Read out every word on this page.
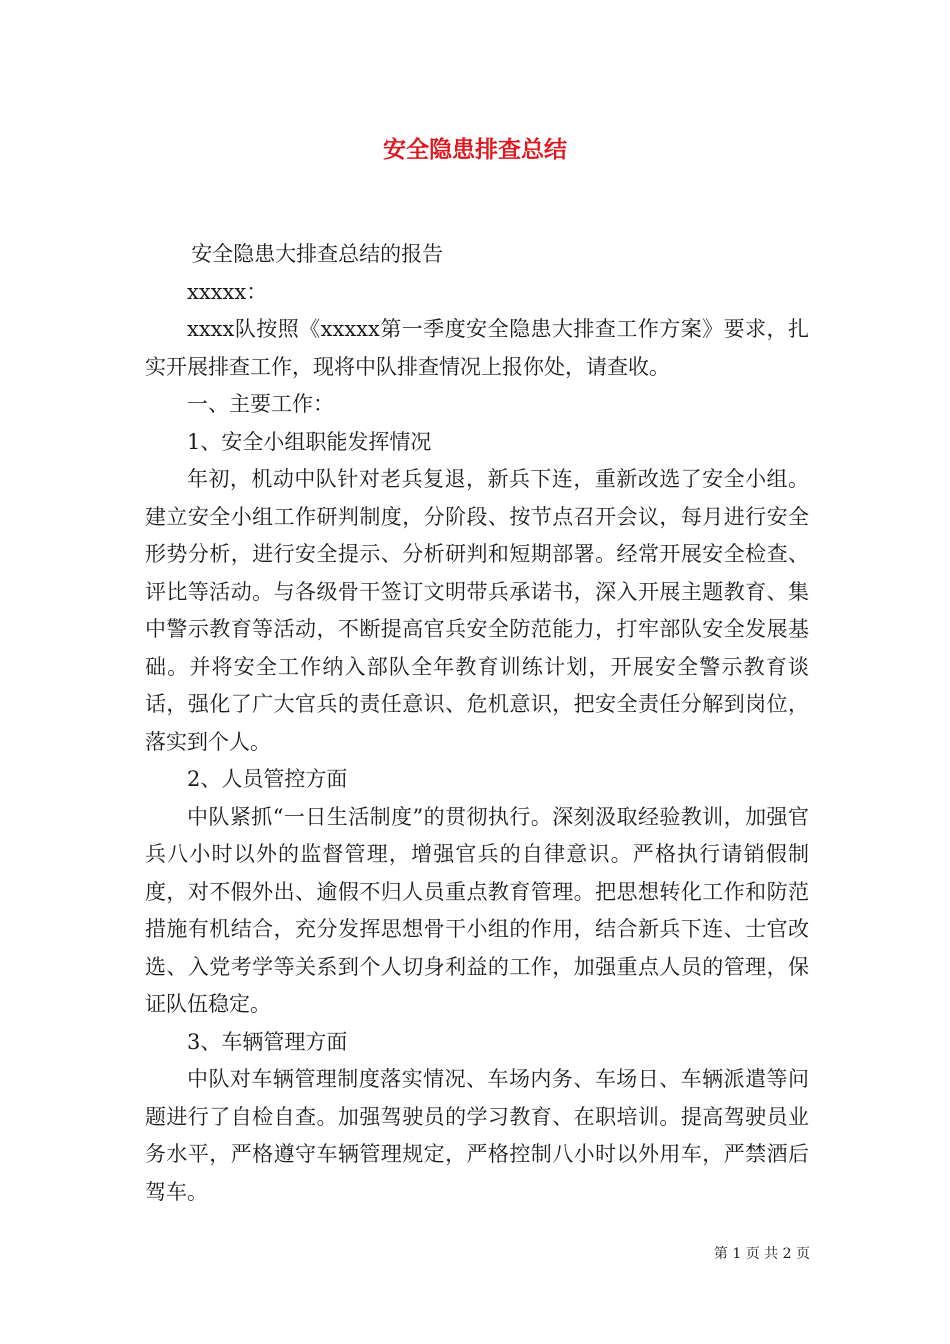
安全隐患排查总结

安全隐患大排查总结的报告

xxxxx：

xxxx队按照《xxxxx第一季度安全隐患大排查工作方案》要求，扎实开展排查工作，现将中队排查情况上报你处，请查收。

一、主要工作：

1、安全小组职能发挥情况

年初，机动中队针对老兵复退，新兵下连，重新改选了安全小组。建立安全小组工作研判制度，分阶段、按节点召开会议，每月进行安全形势分析，进行安全提示、分析研判和短期部署。经常开展安全检查、评比等活动。与各级骨干签订文明带兵承诺书，深入开展主题教育、集中警示教育等活动，不断提高官兵安全防范能力，打牢部队安全发展基础。并将安全工作纳入部队全年教育训练计划，开展安全警示教育谈话，强化了广大官兵的责任意识、危机意识，把安全责任分解到岗位，落实到个人。

2、人员管控方面

中队紧抓“一日生活制度”的贯彻执行。深刻汲取经验教训，加强官兵八小时以外的监督管理，增强官兵的自律意识。严格执行请销假制度，对不假外出、逾假不归人员重点教育管理。把思想转化工作和防范措施有机结合，充分发挥思想骨干小组的作用，结合新兵下连、士官改选、入党考学等关系到个人切身利益的工作，加强重点人员的管理，保证队伍稳定。

3、车辆管理方面

中队对车辆管理制度落实情况、车场内务、车场日、车辆派遣等问题进行了自检自查。加强驾驶员的学习教育、在职培训。提高驾驶员业务水平，严格遵守车辆管理规定，严格控制八小时以外用车，严禁酒后驾车。

第 1 页 共 2 页
